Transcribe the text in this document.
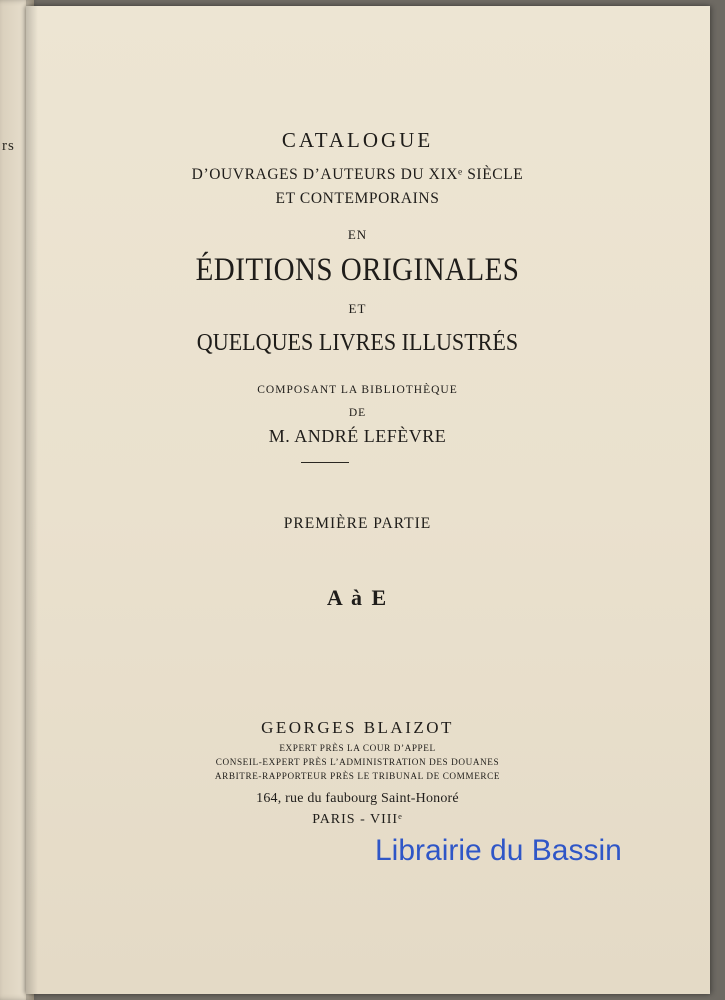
rs	CATALOGUE
D’OUVRAGES D’AUTEURS DU XIXe SIÈCLE
ET CONTEMPORAINS
EN
ÉDITIONS ORIGINALES
ET
QUELQUES LIVRES ILLUSTRÉS
COMPOSANT LA BIBLIOTHÈQUE
DE
M. ANDRÉ LEFÈVRE
PREMIÈRE PARTIE
A à E
GEORGES BLAIZOT
EXPERT PRÈS LA COUR D’APPEL
CONSEIL-EXPERT PRÈS L’ADMINISTRATION DES DOUANES
ARBITRE-RAPPORTEUR PRÈS LE TRIBUNAL DE COMMERCE
164, rue du faubourg Saint-Honoré
PARIS - VIIIe
Librairie du Bassin
